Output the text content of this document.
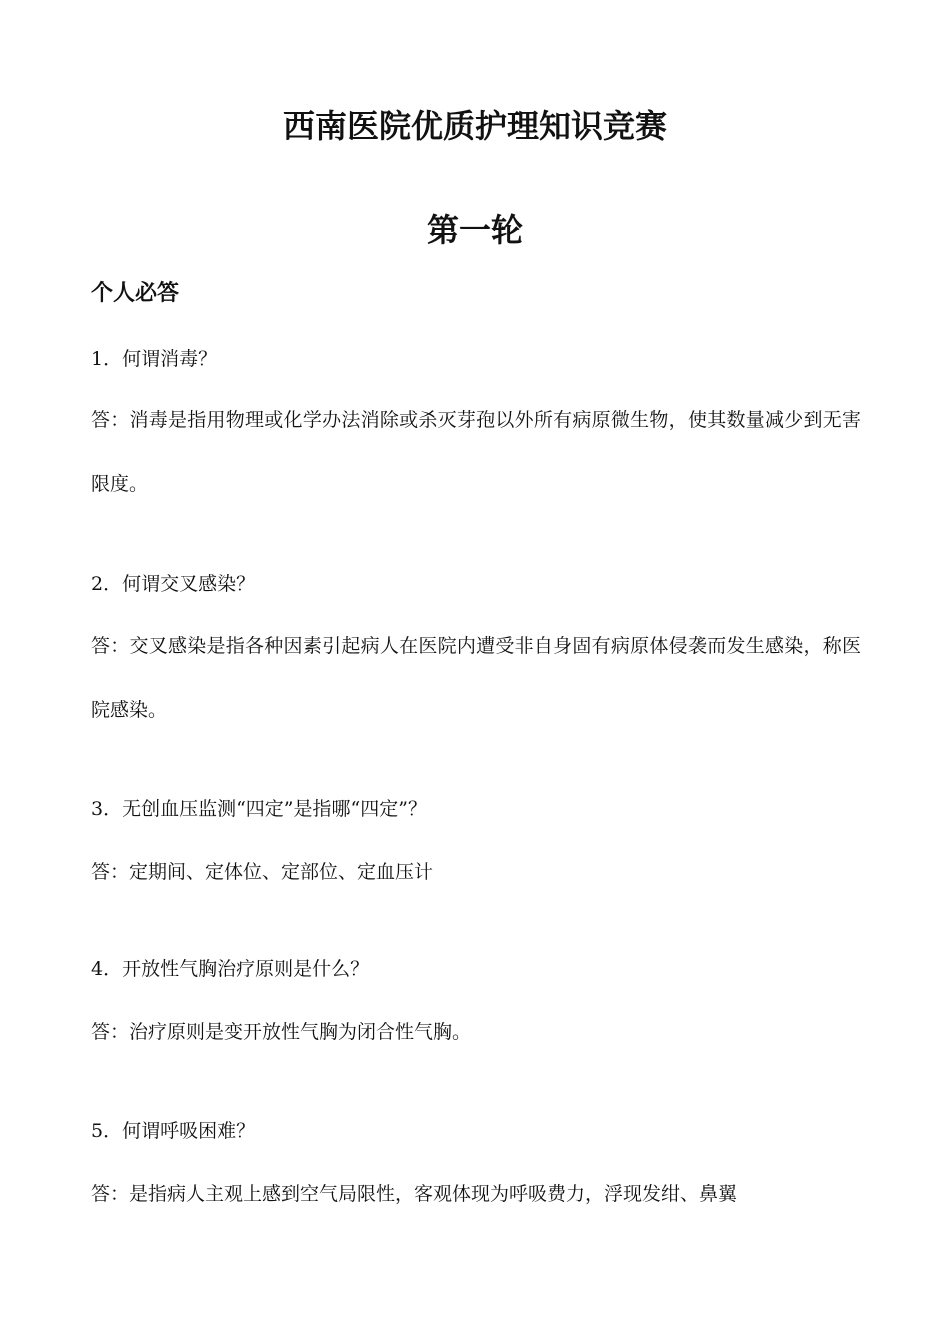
西南医院优质护理知识竞赛
第一轮
个人必答

1．何谓消毒？

答：消毒是指用物理或化学办法消除或杀灭芽孢以外所有病原微生物，使其数量减少到无害限度。

2．何谓交叉感染？

答：交叉感染是指各种因素引起病人在医院内遭受非自身固有病原体侵袭而发生感染，称医院感染。

3．无创血压监测“四定”是指哪“四定”？

答：定期间、定体位、定部位、定血压计

4．开放性气胸治疗原则是什么？

答：治疗原则是变开放性气胸为闭合性气胸。

5．何谓呼吸困难？

答：是指病人主观上感到空气局限性，客观体现为呼吸费力，浮现发绀、鼻翼
